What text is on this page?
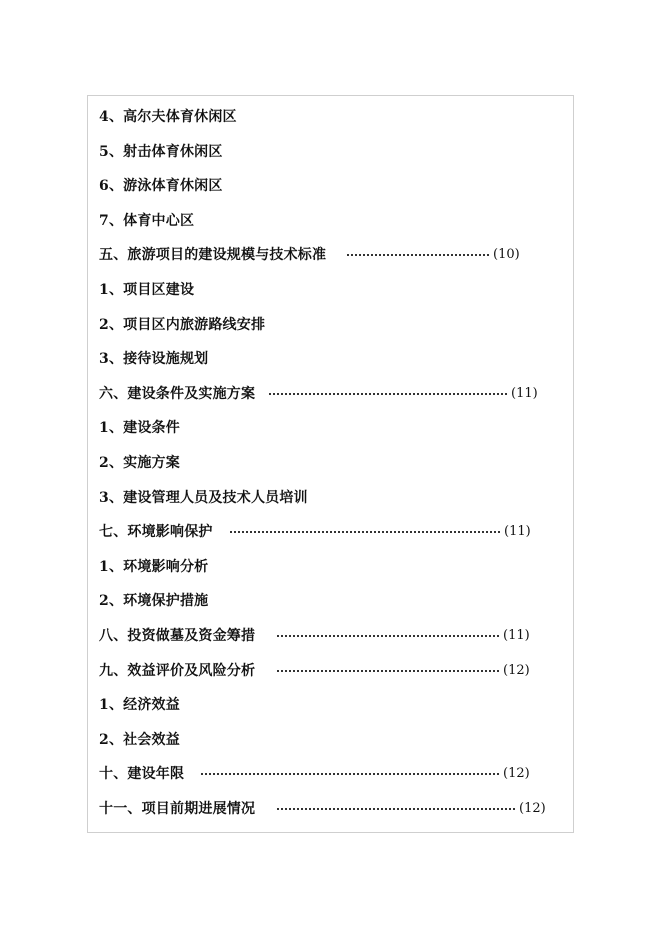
4、高尔夫体育休闲区
5、射击体育休闲区
6、游泳体育休闲区
7、体育中心区
五、旅游项目的建设规模与技术标准	(10)
1、项目区建设
2、项目区内旅游路线安排
3、接待设施规划
六、建设条件及实施方案	(11)
1、建设条件
2、实施方案
3、建设管理人员及技术人员培训
七、环境影响保护	(11)
1、环境影响分析
2、环境保护措施
八、投资做墓及资金筹措	(11)
九、效益评价及风险分析	(12)
1、经济效益
2、社会效益
十、建设年限	(12)
十一、项目前期进展情况	(12)
